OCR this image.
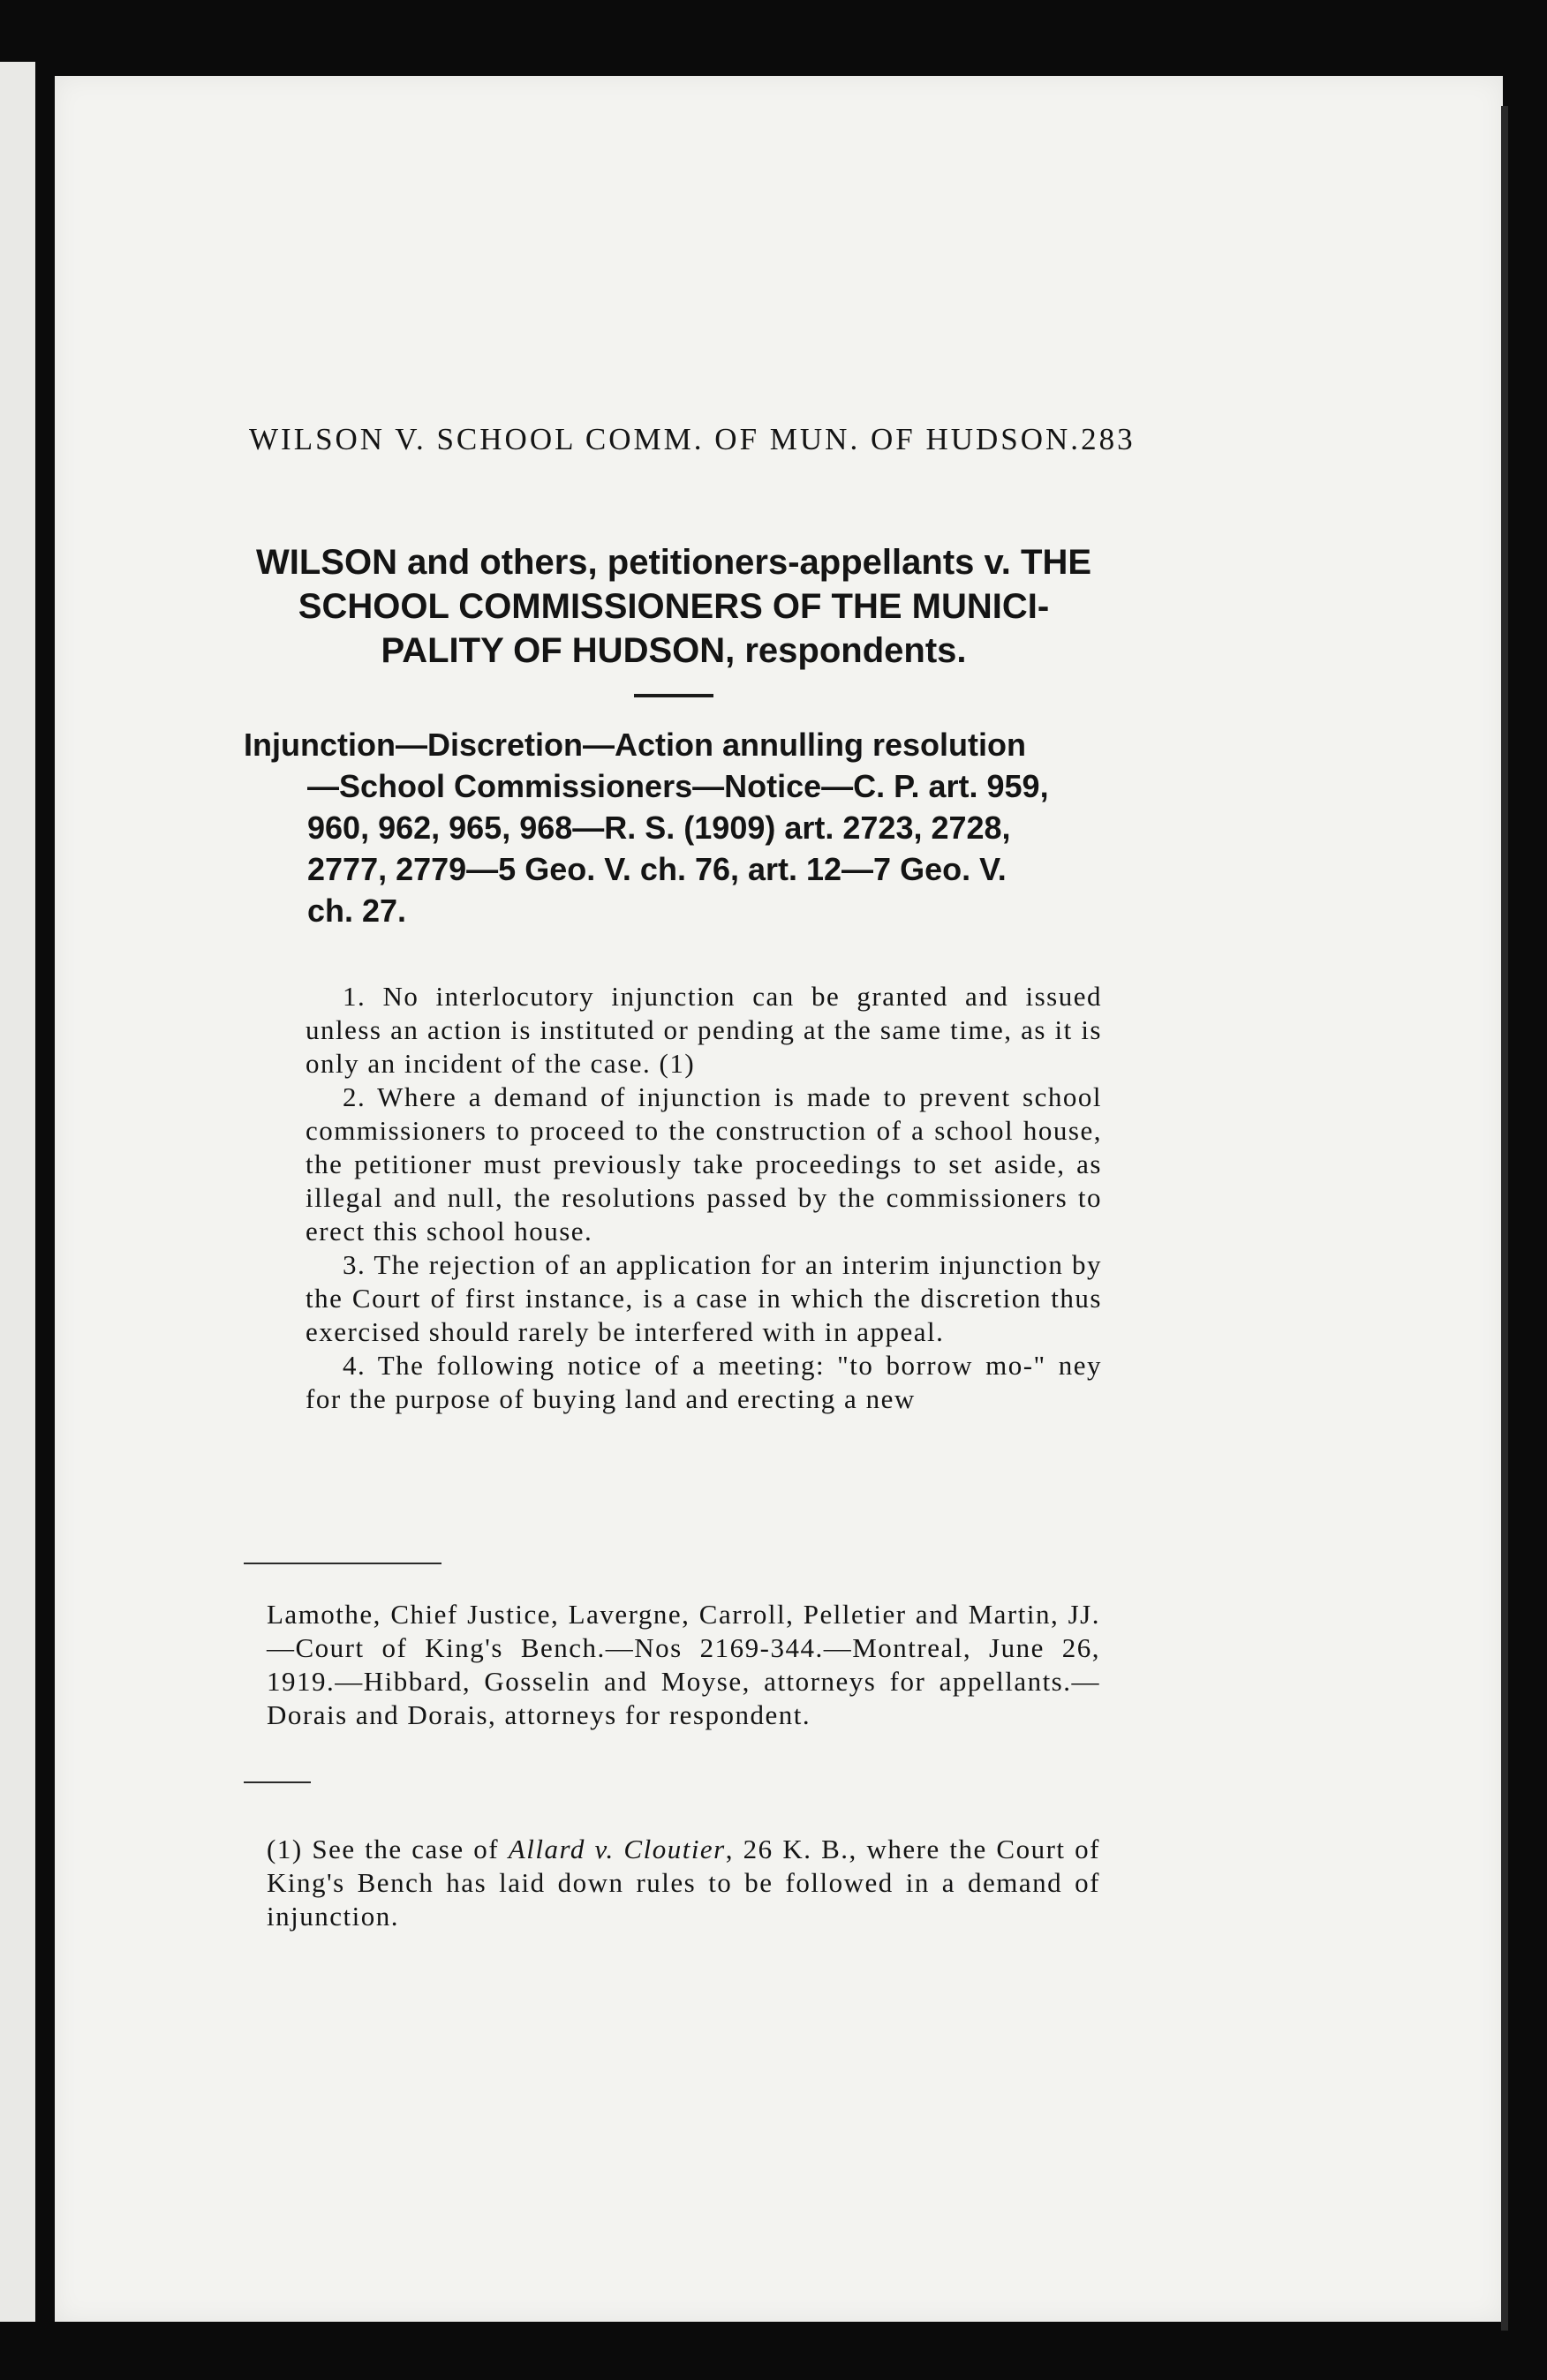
WILSON V. SCHOOL COMM. OF MUN. OF HUDSON. 283
WILSON and others, petitioners-appellants v. THE
SCHOOL COMMISSIONERS OF THE MUNICI-
PALITY OF HUDSON, respondents.
Injunction—Discretion—Action annulling resolution
—School Commissioners—Notice—C. P. art. 959,
960, 962, 965, 968—R. S. (1909) art. 2723, 2728,
2777, 2779—5 Geo. V. ch. 76, art. 12—7 Geo. V.
ch. 27.

1. No interlocutory injunction can be granted and issued unless an action is instituted or pending at the same time, as it is only an incident of the case. (1)

2. Where a demand of injunction is made to prevent school commissioners to proceed to the construction of a school house, the petitioner must previously take proceedings to set aside, as illegal and null, the resolutions passed by the commissioners to erect this school house.

3. The rejection of an application for an interim injunction by the Court of first instance, is a case in which the discretion thus exercised should rarely be interfered with in appeal.

4. The following notice of a meeting: "to borrow mo-" ney for the purpose of buying land and erecting a new

Lamothe, Chief Justice, Lavergne, Carroll, Pelletier and Martin, JJ.—Court of King's Bench.—Nos 2169-344.—Montreal, June 26, 1919.—Hibbard, Gosselin and Moyse, attorneys for appellants.—Dorais and Dorais, attorneys for respondent.
(1) See the case of Allard v. Cloutier, 26 K. B., where the Court of King's Bench has laid down rules to be followed in a demand of injunction.
